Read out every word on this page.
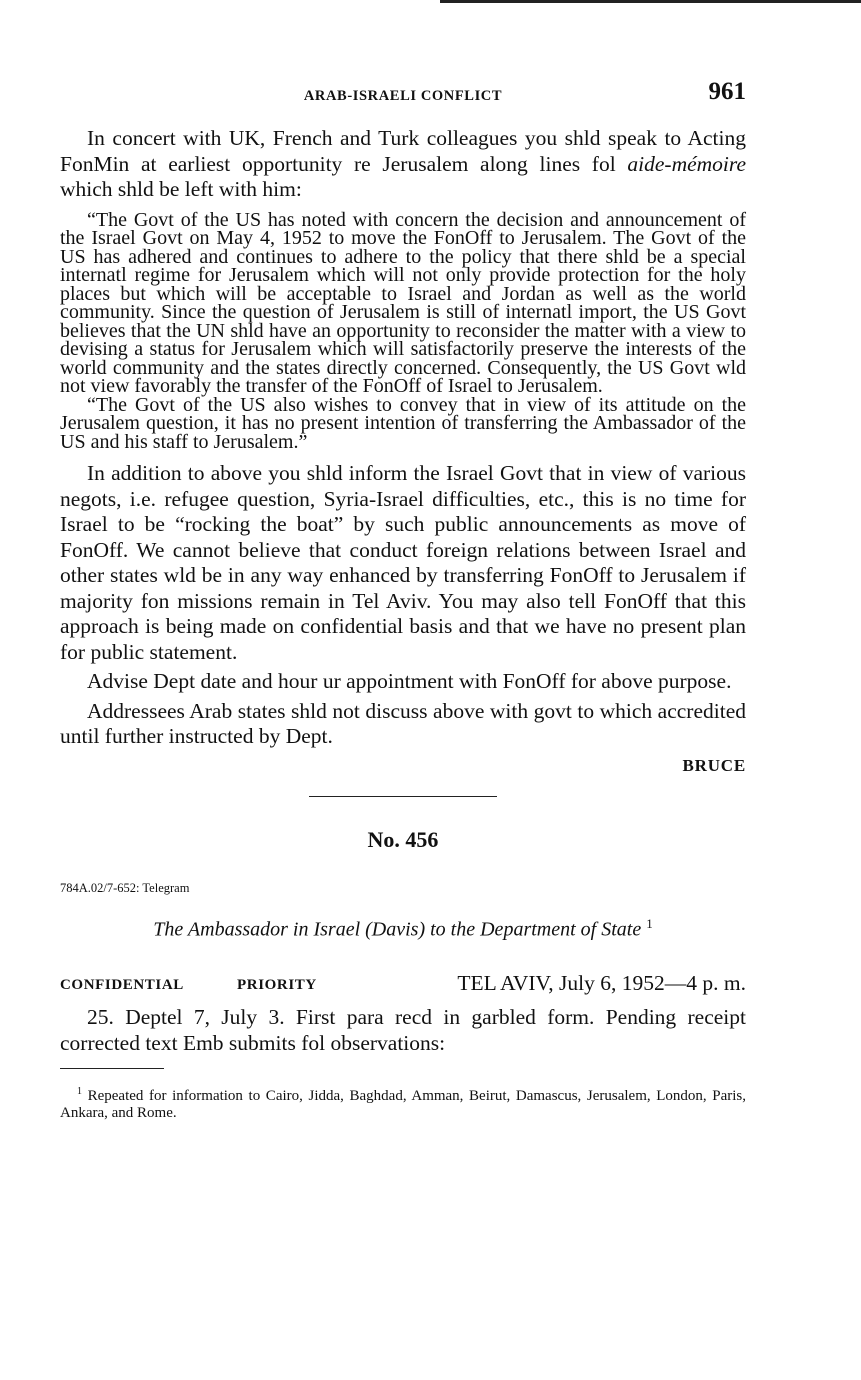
ARAB-ISRAELI CONFLICT	961

In concert with UK, French and Turk colleagues you shld speak to Acting FonMin at earliest opportunity re Jerusalem along lines fol aide-mémoire which shld be left with him:

“The Govt of the US has noted with concern the decision and announcement of the Israel Govt on May 4, 1952 to move the FonOff to Jerusalem. The Govt of the US has adhered and continues to adhere to the policy that there shld be a special internatl regime for Jerusalem which will not only provide protection for the holy places but which will be acceptable to Israel and Jordan as well as the world community. Since the question of Jerusalem is still of internatl import, the US Govt believes that the UN shld have an opportunity to reconsider the matter with a view to devising a status for Jerusalem which will satisfactorily preserve the interests of the world community and the states directly concerned. Consequently, the US Govt wld not view favorably the transfer of the FonOff of Israel to Jerusalem.

“The Govt of the US also wishes to convey that in view of its attitude on the Jerusalem question, it has no present intention of transferring the Ambassador of the US and his staff to Jerusalem.”

In addition to above you shld inform the Israel Govt that in view of various negots, i.e. refugee question, Syria-Israel difficulties, etc., this is no time for Israel to be “rocking the boat” by such public announcements as move of FonOff. We cannot believe that conduct foreign relations between Israel and other states wld be in any way enhanced by transferring FonOff to Jerusalem if majority fon missions remain in Tel Aviv. You may also tell FonOff that this approach is being made on confidential basis and that we have no present plan for public statement.

Advise Dept date and hour ur appointment with FonOff for above purpose.

Addressees Arab states shld not discuss above with govt to which accredited until further instructed by Dept.

BRUCE
No. 456
784A.02/7-652: Telegram
The Ambassador in Israel (Davis) to the Department of State $^1$
CONFIDENTIAL	PRIORITY	TEL AVIV, July 6, 1952—4 p. m.

25. Deptel 7, July 3. First para recd in garbled form. Pending receipt corrected text Emb submits fol observations:

$^1$ Repeated for information to Cairo, Jidda, Baghdad, Amman, Beirut, Damascus, Jerusalem, London, Paris, Ankara, and Rome.
